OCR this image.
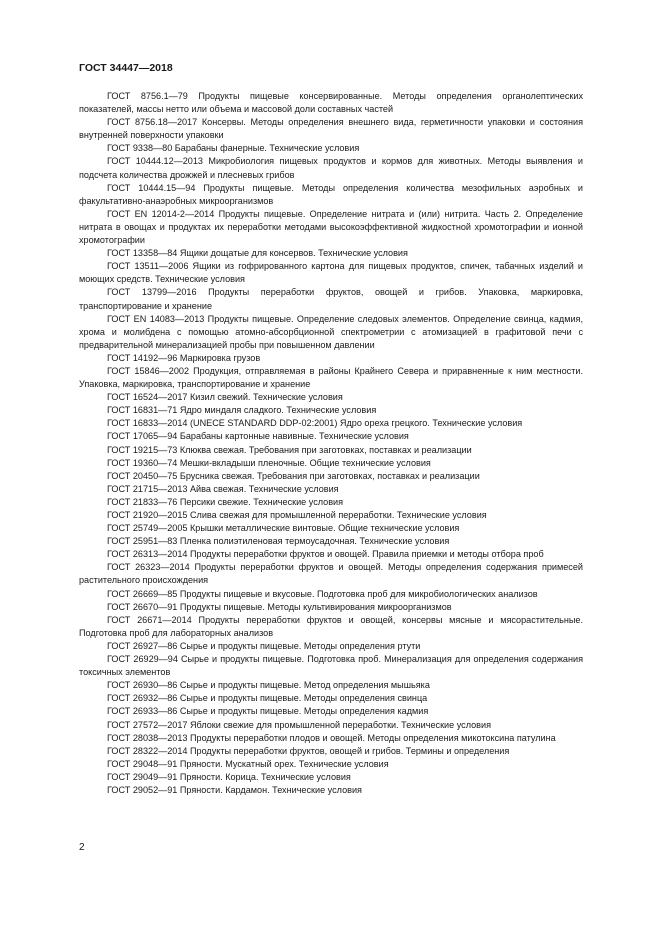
ГОСТ 34447—2018

ГОСТ 8756.1—79 Продукты пищевые консервированные. Методы определения органолептических показателей, массы нетто или объема и массовой доли составных частей

ГОСТ 8756.18—2017 Консервы. Методы определения внешнего вида, герметичности упаковки и состояния внутренней поверхности упаковки

ГОСТ 9338—80 Барабаны фанерные. Технические условия

ГОСТ 10444.12—2013 Микробиология пищевых продуктов и кормов для животных. Методы выявления и подсчета количества дрожжей и плесневых грибов

ГОСТ 10444.15—94 Продукты пищевые. Методы определения количества мезофильных аэробных и факультативно-анаэробных микроорганизмов

ГОСТ EN 12014-2—2014 Продукты пищевые. Определение нитрата и (или) нитрита. Часть 2. Определение нитрата в овощах и продуктах их переработки методами высокоэффективной жидкостной хромотографии и ионной хромотографии

ГОСТ 13358—84 Ящики дощатые для консервов. Технические условия

ГОСТ 13511—2006 Ящики из гофрированного картона для пищевых продуктов, спичек, табачных изделий и моющих средств. Технические условия

ГОСТ 13799—2016 Продукты переработки фруктов, овощей и грибов. Упаковка, маркировка, транспортирование и хранение

ГОСТ EN 14083—2013 Продукты пищевые. Определение следовых элементов. Определение свинца, кадмия, хрома и молибдена с помощью атомно-абсорбционной спектрометрии с атомизацией в графитовой печи с предварительной минерализацией пробы при повышенном давлении

ГОСТ 14192—96 Маркировка грузов

ГОСТ 15846—2002 Продукция, отправляемая в районы Крайнего Севера и приравненные к ним местности. Упаковка, маркировка, транспортирование и хранение

ГОСТ 16524—2017 Кизил свежий. Технические условия

ГОСТ 16831—71 Ядро миндаля сладкого. Технические условия

ГОСТ 16833—2014 (UNECE STANDARD DDP-02:2001) Ядро ореха грецкого. Технические условия

ГОСТ 17065—94 Барабаны картонные навивные. Технические условия

ГОСТ 19215—73 Клюква свежая. Требования при заготовках, поставках и реализации

ГОСТ 19360—74 Мешки-вкладыши пленочные. Общие технические условия

ГОСТ 20450—75 Брусника свежая. Требования при заготовках, поставках и реализации

ГОСТ 21715—2013 Айва свежая. Технические условия

ГОСТ 21833—76 Персики свежие. Технические условия

ГОСТ 21920—2015 Слива свежая для промышленной переработки. Технические условия

ГОСТ 25749—2005 Крышки металлические винтовые. Общие технические условия

ГОСТ 25951—83 Пленка полиэтиленовая термоусадочная. Технические условия

ГОСТ 26313—2014 Продукты переработки фруктов и овощей. Правила приемки и методы отбора проб

ГОСТ 26323—2014 Продукты переработки фруктов и овощей. Методы определения содержания примесей растительного происхождения

ГОСТ 26669—85 Продукты пищевые и вкусовые. Подготовка проб для микробиологических анализов

ГОСТ 26670—91 Продукты пищевые. Методы культивирования микроорганизмов

ГОСТ 26671—2014 Продукты переработки фруктов и овощей, консервы мясные и мясорастительные. Подготовка проб для лабораторных анализов

ГОСТ 26927—86 Сырье и продукты пищевые. Методы определения ртути

ГОСТ 26929—94 Сырье и продукты пищевые. Подготовка проб. Минерализация для определения содержания токсичных элементов

ГОСТ 26930—86 Сырье и продукты пищевые. Метод определения мышьяка

ГОСТ 26932—86 Сырье и продукты пищевые. Методы определения свинца

ГОСТ 26933—86 Сырье и продукты пищевые. Методы определения кадмия

ГОСТ 27572—2017 Яблоки свежие для промышленной переработки. Технические условия

ГОСТ 28038—2013 Продукты переработки плодов и овощей. Методы определения микотоксина патулина

ГОСТ 28322—2014 Продукты переработки фруктов, овощей и грибов. Термины и определения

ГОСТ 29048—91 Пряности. Мускатный орех. Технические условия

ГОСТ 29049—91 Пряности. Корица. Технические условия

ГОСТ 29052—91 Пряности. Кардамон. Технические условия

2
